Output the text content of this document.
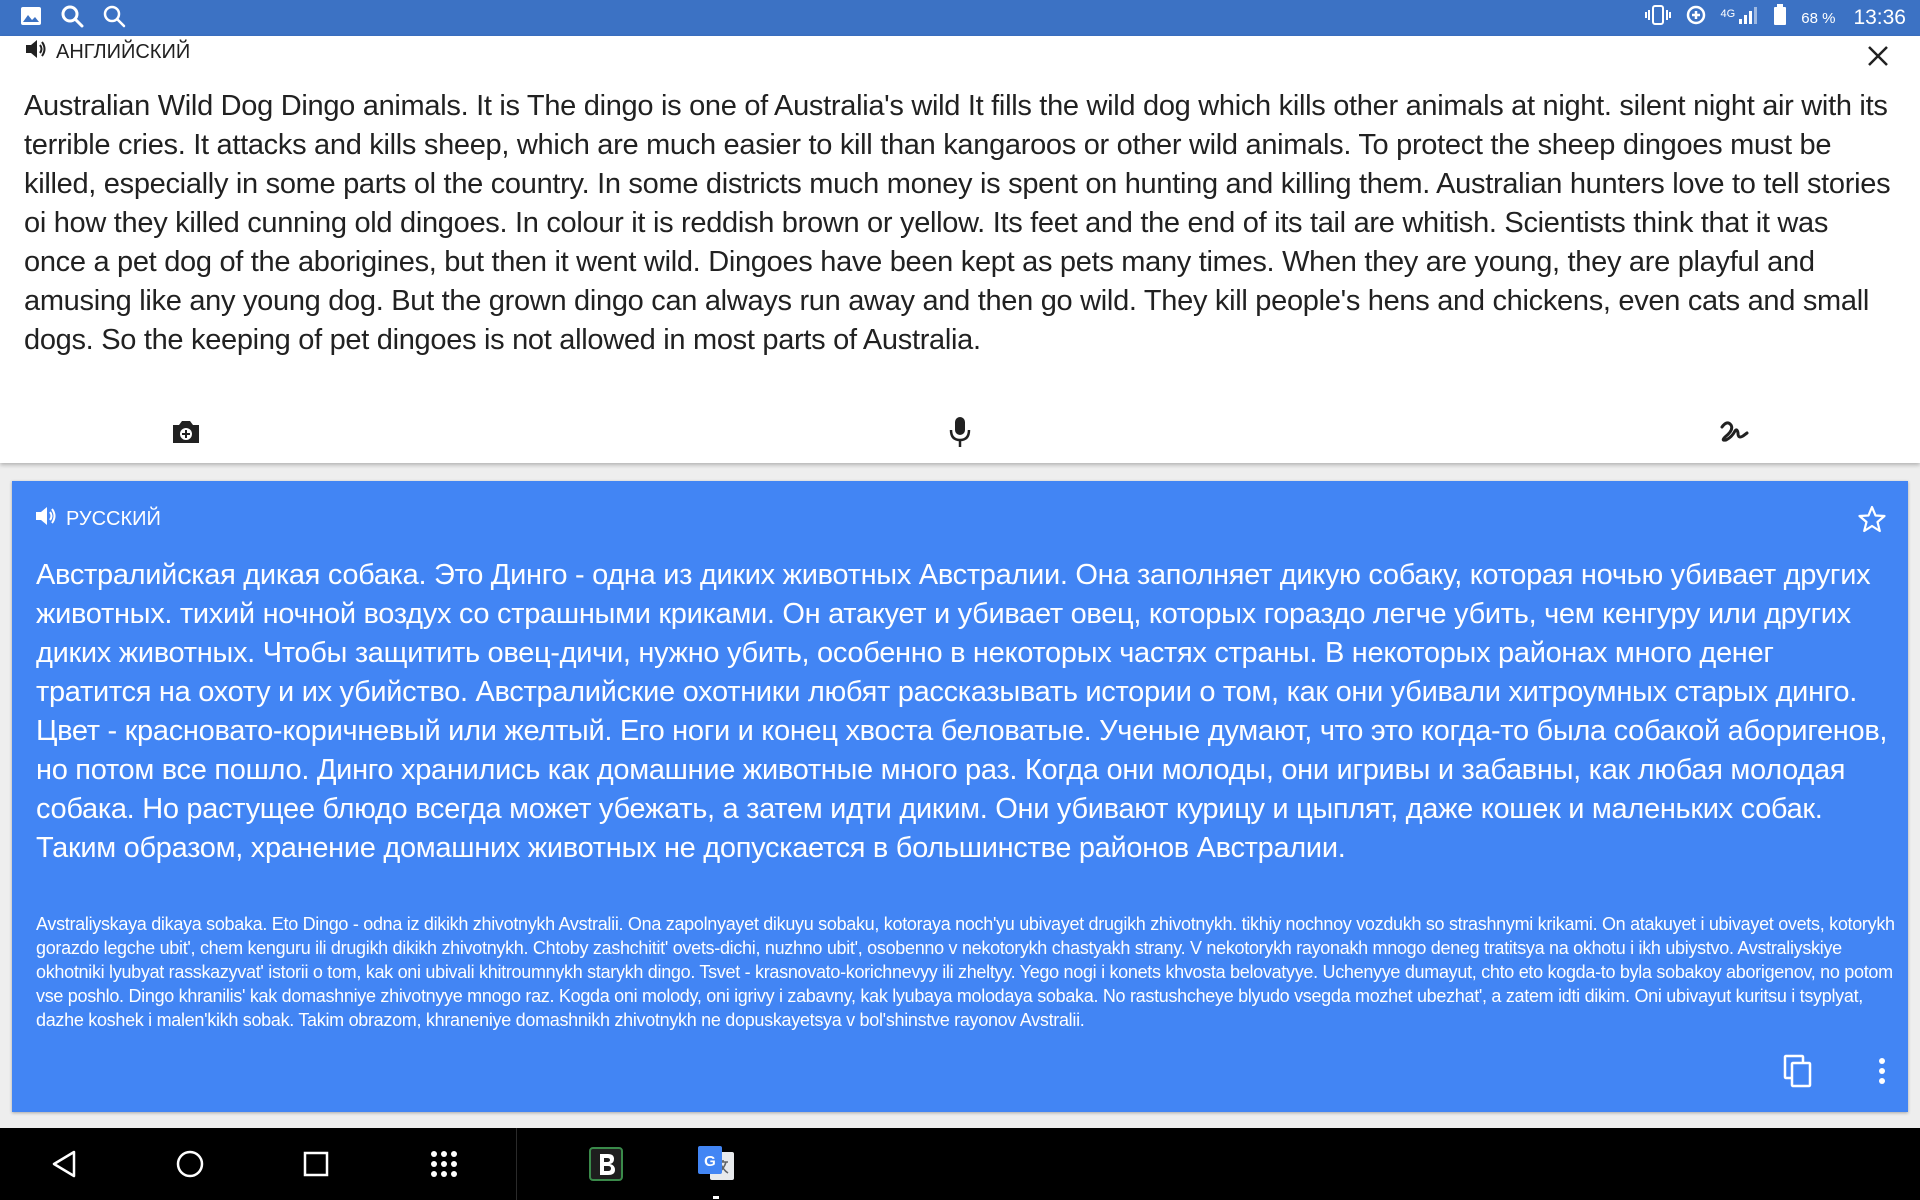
4G	68 % 13:36
АНГЛИЙСКИЙ
Australian Wild Dog Dingo animals. It is The dingo is one of Australia's wild It fills the wild dog which kills other animals at night. silent night air with its terrible cries. It attacks and kills sheep, which are much easier to kill than kangaroos or other wild animals. To protect the sheep dingoes must be killed, especially in some parts ol the country. In some districts much money is spent on hunting and killing them. Australian hunters love to tell stories oi how they killed cunning old dingoes. In colour it is reddish brown or yellow. Its feet and the end of its tail are whitish. Scientists think that it was once a pet dog of the aborigines, but then it went wild. Dingoes have been kept as pets many times. When they are young, they are playful and amusing like any young dog. But the grown dingo can always run away and then go wild. They kill people's hens and chickens, even cats and small dogs. So the keeping of pet dingoes is not allowed in most parts of Australia.
РУССКИЙ
Австралийская дикая собака. Это Динго - одна из диких животных Австралии. Она заполняет дикую собаку, которая ночью убивает других животных. тихий ночной воздух со страшными криками. Он атакует и убивает овец, которых гораздо легче убить, чем кенгуру или других диких животных. Чтобы защитить овец-дичи, нужно убить, особенно в некоторых частях страны. В некоторых районах много денег тратится на охоту и их убийство. Австралийские охотники любят рассказывать истории о том, как они убивали хитроумных старых динго. Цвет - красновато-коричневый или желтый. Его ноги и конец хвоста беловатые. Ученые думают, что это когда-то была собакой аборигенов, но потом все пошло. Динго хранились как домашние животные много раз. Когда они молоды, они игривы и забавны, как любая молодая собака. Но растущее блюдо всегда может убежать, а затем идти диким. Они убивают курицу и цыплят, даже кошек и маленьких собак. Таким образом, хранение домашних животных не допускается в большинстве районов Австралии.
Avstraliyskaya dikaya sobaka. Eto Dingo - odna iz dikikh zhivotnykh Avstralii. Ona zapolnyayet dikuyu sobaku, kotoraya noch'yu ubivayet drugikh zhivotnykh. tikhiy nochnoy vozdukh so strashnymi krikami. On atakuyet i ubivayet ovets, kotorykh gorazdo legche ubit', chem kenguru ili drugikh dikikh zhivotnykh. Chtoby zashchitit' ovets-dichi, nuzhno ubit', osobenno v nekotorykh chastyakh strany. V nekotorykh rayonakh mnogo deneg tratitsya na okhotu i ikh ubiystvo. Avstraliyskiye okhotniki lyubyat rasskazyvat' istorii o tom, kak oni ubivali khitroumnykh starykh dingo. Tsvet - krasnovato-korichnevyy ili zheltyy. Yego nogi i konets khvosta belovatyye. Uchenyye dumayut, chto eto kogda-to byla sobakoy aborigenov, no potom vse poshlo. Dingo khranilis' kak domashniye zhivotnyye mnogo raz. Kogda oni molody, oni igrivy i zabavny, kak lyubaya molodaya sobaka. No rastushcheye blyudo vsegda mozhet ubezhat', a zatem idti dikim. Oni ubivayut kuritsu i tsyplyat, dazhe koshek i malen'kikh sobak. Takim obrazom, khraneniye domashnikh zhivotnykh ne dopuskayetsya v bol'shinstve rayonov Avstralii.
G
